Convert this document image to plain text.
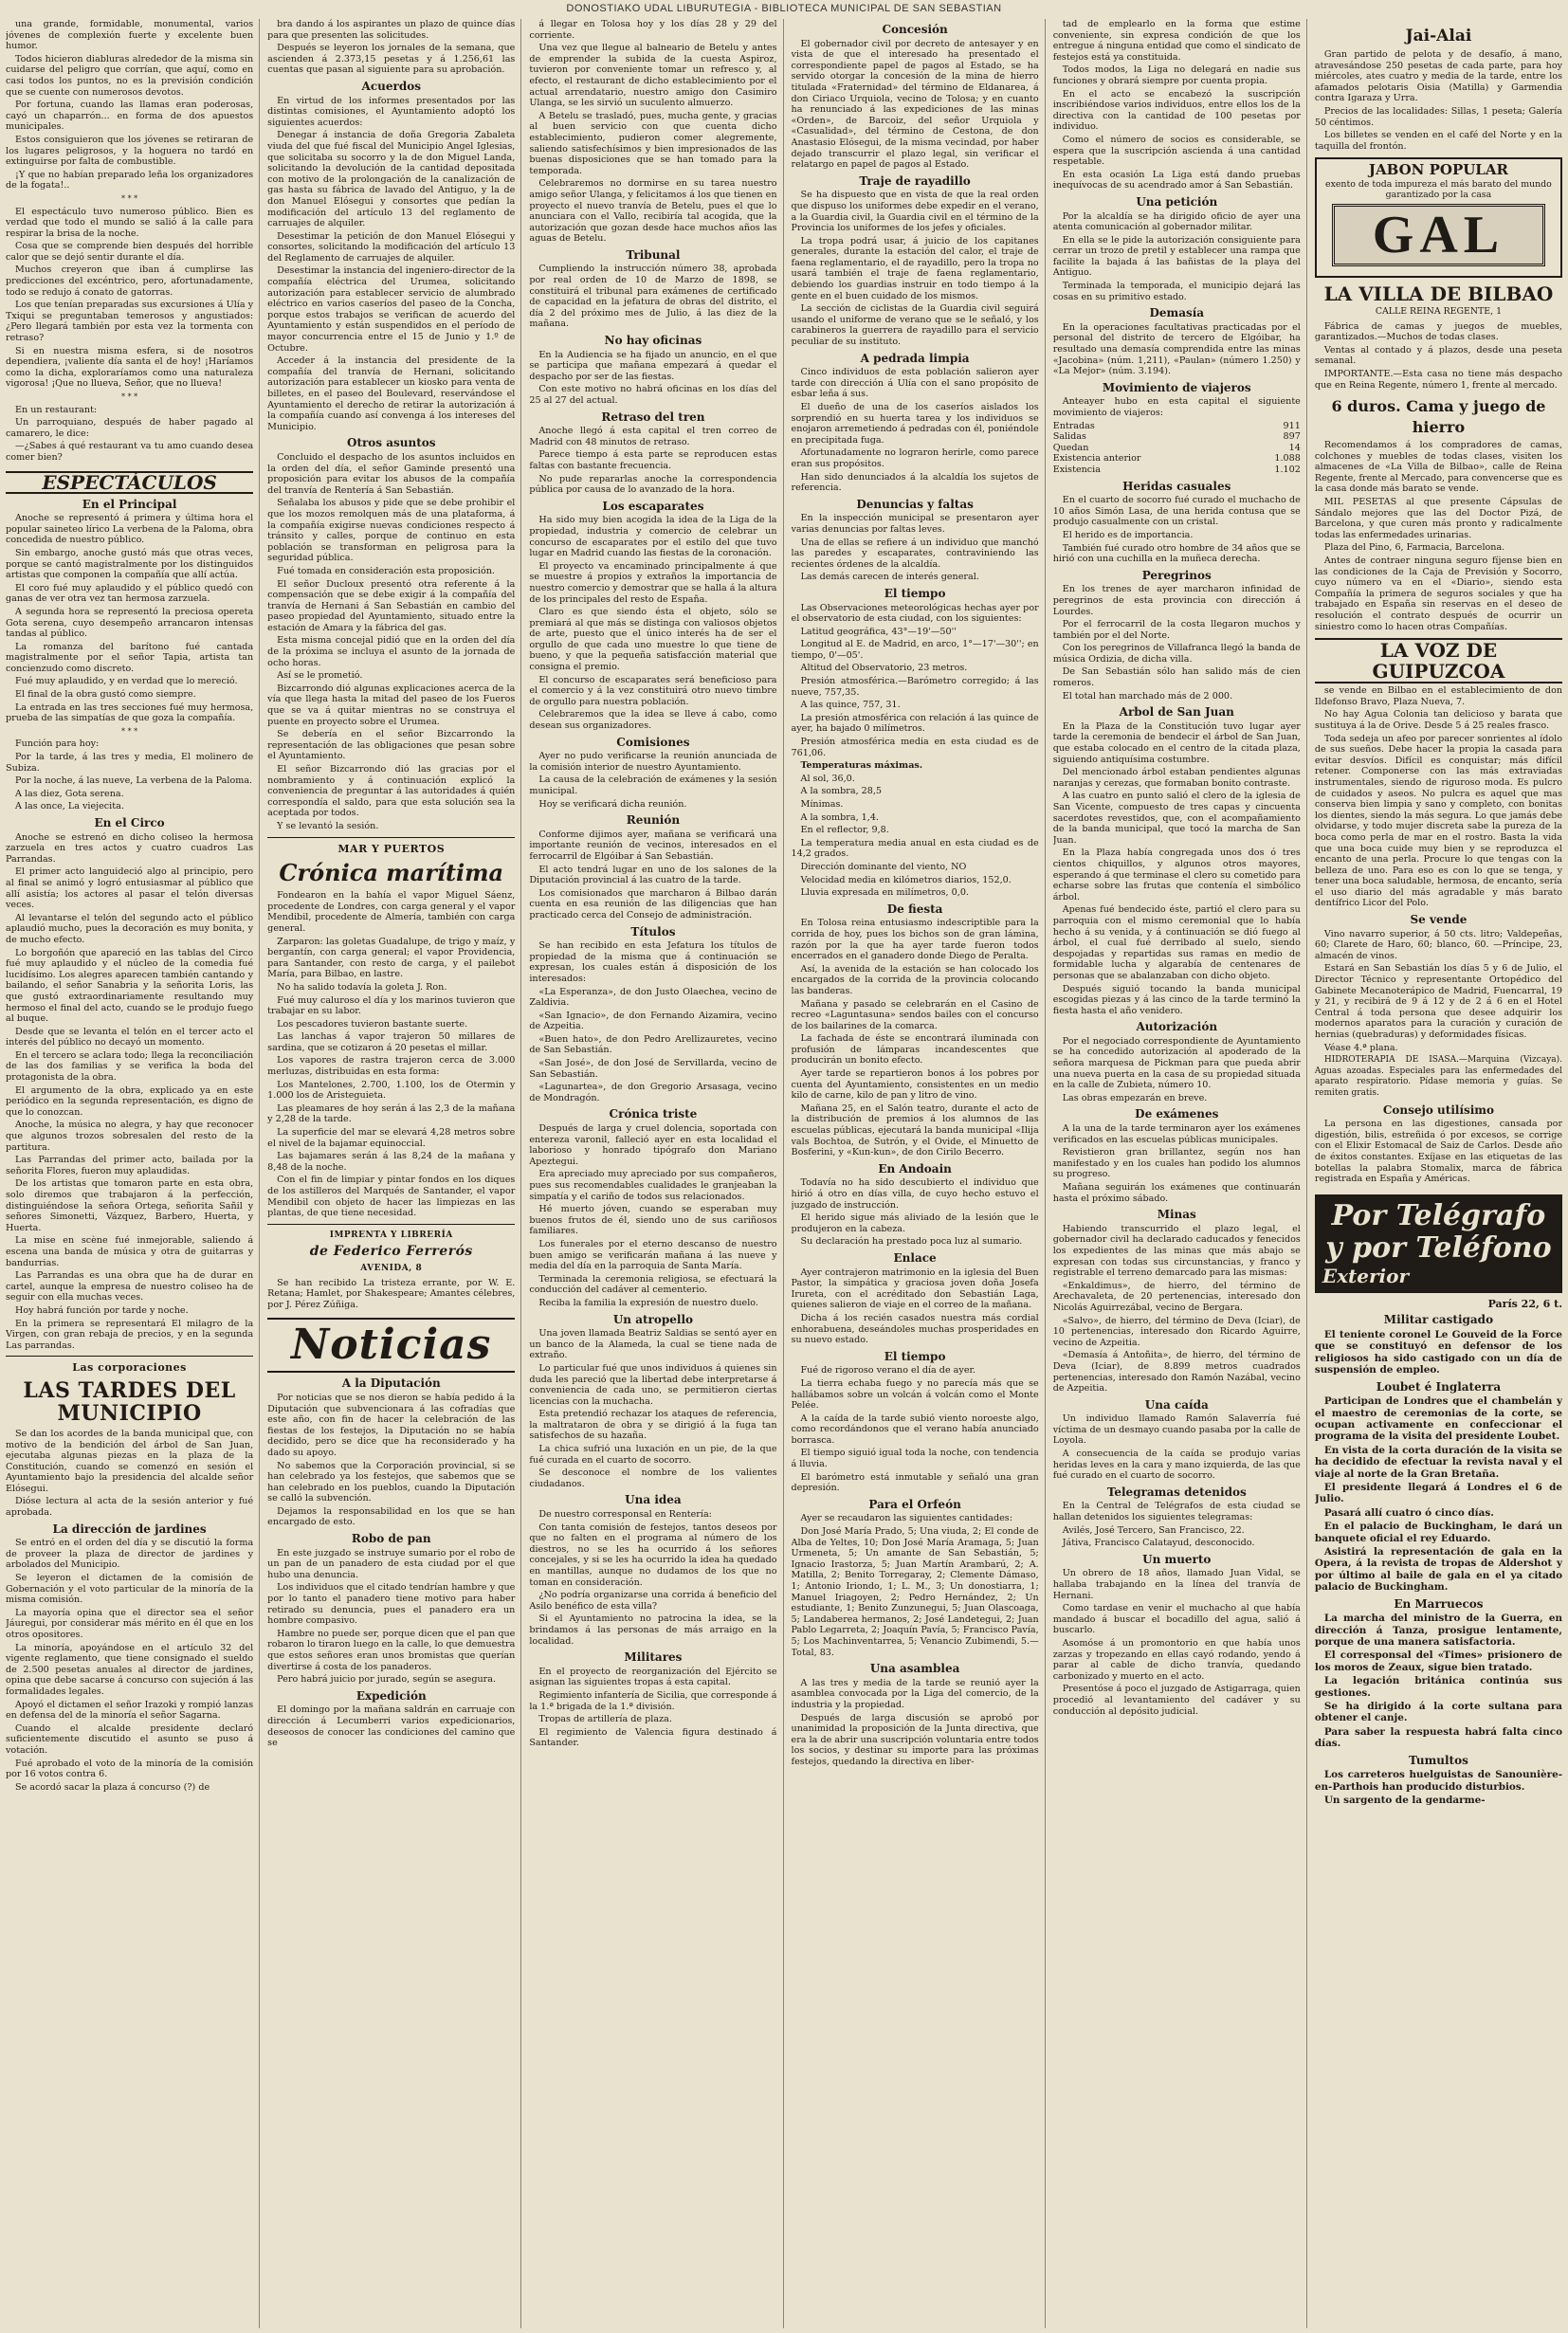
DONOSTIAKO UDAL LIBURUTEGIA - BIBLIOTECA MUNICIPAL DE SAN SEBASTIAN

una grande, formidable, monumental, varios jóvenes de complexión fuerte y excelente buen humor.

Todos hicieron diabluras alrededor de la misma sin cuidarse del peligro que corrían, que aquí, como en casi todos los puntos, no es la previsión condición que se cuente con numerosos devotos.

Por fortuna, cuando las llamas eran poderosas, cayó un chaparrón... en forma de dos apuestos municipales.

Estos consiguieron que los jóvenes se retiraran de los lugares peligrosos, y la hoguera no tardó en extinguirse por falta de combustible.

¡Y que no habían preparado leña los organizadores de la fogata!..

* * *

El espectáculo tuvo numeroso público. Bien es verdad que todo el mundo se salió á la calle para respirar la brisa de la noche.

Cosa que se comprende bien después del horrible calor que se dejó sentir durante el día.

Muchos creyeron que iban á cumplirse las predicciones del excéntrico, pero, afortunadamente, todo se redujo á conato de gatorras.

Los que tenían preparadas sus excursiones á Ulía y Txiqui se preguntaban temerosos y angustiados: ¿Pero llegará también por esta vez la tormenta con retraso?

Si en nuestra misma esfera, si de nosotros dependiera, ¡valiente día santa el de hoy! ¡Haríamos como la dicha, exploraríamos como una naturaleza vigorosa! ¡Que no llueva, Señor, que no llueva!

* * *

En un restaurant:

Un parroquiano, después de haber pagado al camarero, le dice:

—¿Sabes á qué restaurant va tu amo cuando desea comer bien?

ESPECTÁCULOS
En el Principal

Anoche se representó á primera y última hora el popular saineteo lírico La verbena de la Paloma, obra concedida de nuestro público.

Sin embargo, anoche gustó más que otras veces, porque se cantó magistralmente por los distinguidos artistas que componen la compañía que allí actúa.

El coro fué muy aplaudido y el público quedó con ganas de ver otra vez tan hermosa zarzuela.

A segunda hora se representó la preciosa opereta Gota serena, cuyo desempeño arrancaron intensas tandas al público.

La romanza del barítono fué cantada magistralmente por el señor Tapia, artista tan concienzudo como discreto.

Fué muy aplaudido, y en verdad que lo mereció.

El final de la obra gustó como siempre.

La entrada en las tres secciones fué muy hermosa, prueba de las simpatías de que goza la compañía.

* * *

Función para hoy:

Por la tarde, á las tres y media, El molinero de Subiza.

Por la noche, á las nueve, La verbena de la Paloma.

A las diez, Gota serena.

A las once, La viejecita.

En el Circo

Anoche se estrenó en dicho coliseo la hermosa zarzuela en tres actos y cuatro cuadros Las Parrandas.

El primer acto languideció algo al principio, pero al final se animó y logró entusiasmar al público que allí asistía; los actores al pasar el telón diversas veces.

Al levantarse el telón del segundo acto el público aplaudió mucho, pues la decoración es muy bonita, y de mucho efecto.

Lo borgoñón que apareció en las tablas del Circo fué muy aplaudido y el núcleo de la comedia fué lucidísimo. Los alegres aparecen también cantando y bailando, el señor Sanabria y la señorita Loris, las que gustó extraordinariamente resultando muy hermoso el final del acto, cuando se le produjo fuego al buque.

Desde que se levanta el telón en el tercer acto el interés del público no decayó un momento.

En el tercero se aclara todo; llega la reconciliación de las dos familias y se verifica la boda del protagonista de la obra.

El argumento de la obra, explicado ya en este periódico en la segunda representación, es digno de que lo conozcan.

Anoche, la música no alegra, y hay que reconocer que algunos trozos sobresalen del resto de la partitura.

Las Parrandas del primer acto, bailada por la señorita Flores, fueron muy aplaudidas.

De los artistas que tomaron parte en esta obra, solo diremos que trabajaron á la perfección, distinguiéndose la señora Ortega, señorita Sañil y señores Simonetti, Vázquez, Barbero, Huerta, y Huerta.

La mise en scène fué inmejorable, saliendo á escena una banda de música y otra de guitarras y bandurrias.

Las Parrandas es una obra que ha de durar en cartel, aunque la empresa de nuestro coliseo ha de seguir con ella muchas veces.

Hoy habrá función por tarde y noche.

En la primera se representará El milagro de la Virgen, con gran rebaja de precios, y en la segunda Las parrandas.

Las corporaciones
LAS TARDES DEL MUNICIPIO

Se dan los acordes de la banda municipal que, con motivo de la bendición del árbol de San Juan, ejecutaba algunas piezas en la plaza de la Constitución, cuando se comenzó en sesión el Ayuntamiento bajo la presidencia del alcalde señor Elósegui.

Dióse lectura al acta de la sesión anterior y fué aprobada.

La dirección de jardines

Se entró en el orden del día y se discutió la forma de proveer la plaza de director de jardines y arbolados del Municipio.

Se leyeron el dictamen de la comisión de Gobernación y el voto particular de la minoría de la misma comisión.

La mayoría opina que el director sea el señor Jáuregui, por considerar más mérito en él que en los otros opositores.

La minoría, apoyándose en el artículo 32 del vigente reglamento, que tiene consignado el sueldo de 2.500 pesetas anuales al director de jardines, opina que debe sacarse á concurso con sujeción á las formalidades legales.

Apoyó el dictamen el señor Irazoki y rompió lanzas en defensa del de la minoría el señor Sagarna.

Cuando el alcalde presidente declaró suficientemente discutido el asunto se puso á votación.

Fué aprobado el voto de la minoría de la comisión por 16 votos contra 6.

Se acordó sacar la plaza á concurso (?) de

bra dando á los aspirantes un plazo de quince días para que presenten las solicitudes.

Después se leyeron los jornales de la semana, que ascienden á 2.373,15 pesetas y á 1.256,61 las cuentas que pasan al siguiente para su aprobación.

Acuerdos

En virtud de los informes presentados por las distintas comisiones, el Ayuntamiento adoptó los siguientes acuerdos:

Denegar á instancia de doña Gregoria Zabaleta viuda del que fué fiscal del Municipio Angel Iglesias, que solicitaba su socorro y la de don Miguel Landa, solicitando la devolución de la cantidad depositada con motivo de la prolongación de la canalización de gas hasta su fábrica de lavado del Antiguo, y la de don Manuel Elósegui y consortes que pedían la modificación del artículo 13 del reglamento de carruajes de alquiler.

Desestimar la petición de don Manuel Elósegui y consortes, solicitando la modificación del artículo 13 del Reglamento de carruajes de alquiler.

Desestimar la instancia del ingeniero-director de la compañía eléctrica del Urumea, solicitando autorización para establecer servicio de alumbrado eléctrico en varios caseríos del paseo de la Concha, porque estos trabajos se verifican de acuerdo del Ayuntamiento y están suspendidos en el período de mayor concurrencia entre el 15 de Junio y 1.º de Octubre.

Acceder á la instancia del presidente de la compañía del tranvía de Hernani, solicitando autorización para establecer un kiosko para venta de billetes, en el paseo del Boulevard, reservándose el Ayuntamiento el derecho de retirar la autorización á la compañía cuando así convenga á los intereses del Municipio.

Otros asuntos

Concluido el despacho de los asuntos incluidos en la orden del día, el señor Gaminde presentó una proposición para evitar los abusos de la compañía del tranvía de Rentería á San Sebastián.

Señalaba los abusos y pide que se debe prohibir el que los mozos remolquen más de una plataforma, á la compañía exigirse nuevas condiciones respecto á tránsito y calles, porque de continuo en esta población se transforman en peligrosa para la seguridad pública.

Fué tomada en consideración esta proposición.

El señor Ducloux presentó otra referente á la compensación que se debe exigir á la compañía del tranvía de Hernani á San Sebastián en cambio del paseo propiedad del Ayuntamiento, situado entre la estación de Amara y la fábrica del gas.

Esta misma concejal pidió que en la orden del día de la próxima se incluya el asunto de la jornada de ocho horas.

Así se le prometió.

Bizcarrondo dió algunas explicaciones acerca de la vía que llega hasta la mitad del paseo de los Fueros que se va á quitar mientras no se construya el puente en proyecto sobre el Urumea.

Se debería en el señor Bizcarrondo la representación de las obligaciones que pesan sobre el Ayuntamiento.

El señor Bizcarrondo dió las gracias por el nombramiento y á continuación explicó la conveniencia de preguntar á las autoridades á quién correspondía el saldo, para que esta solución sea la aceptada por todos.

Y se levantó la sesión.

MAR Y PUERTOS
Crónica marítima

Fondearon en la bahía el vapor Miguel Sáenz, procedente de Londres, con carga general y el vapor Mendibil, procedente de Almería, también con carga general.

Zarparon: las goletas Guadalupe, de trigo y maíz, y bergantín, con carga general; el vapor Providencia, para Santander, con resto de carga, y el pailebot María, para Bilbao, en lastre.

No ha salido todavía la goleta J. Ron.

Fué muy caluroso el día y los marinos tuvieron que trabajar en su labor.

Los pescadores tuvieron bastante suerte.

Las lanchas á vapor trajeron 50 millares de sardina, que se cotizaron á 20 pesetas el millar.

Los vapores de rastra trajeron cerca de 3.000 merluzas, distribuidas en esta forma:

Los Mantelones, 2.700, 1.100, los de Otermin y 1.000 los de Aristeguieta.

Las pleamares de hoy serán á las 2,3 de la mañana y 2,28 de la tarde.

La superficie del mar se elevará 4,28 metros sobre el nivel de la bajamar equinoccial.

Las bajamares serán á las 8,24 de la mañana y 8,48 de la noche.

Con el fin de limpiar y pintar fondos en los diques de los astilleros del Marqués de Santander, el vapor Mendibil con objeto de hacer las limpiezas en las plantas, de que tiene necesidad.

IMPRENTA Y LIBRERÍA
de Federico Ferrerós
AVENIDA, 8

Se han recibido La tristeza errante, por W. E. Retana; Hamlet, por Shakespeare; Amantes célebres, por J. Pérez Zúñiga.

Noticias
A la Diputación

Por noticias que se nos dieron se había pedido á la Diputación que subvencionara á las cofradías que este año, con fin de hacer la celebración de las fiestas de los festejos, la Diputación no se había decidido, pero se dice que ha reconsiderado y ha dado su apoyo.

No sabemos que la Corporación provincial, si se han celebrado ya los festejos, que sabemos que se han celebrado en los pueblos, cuando la Diputación se calló la subvención.

Dejamos la responsabilidad en los que se han encargado de esto.

Robo de pan

En este juzgado se instruye sumario por el robo de un pan de un panadero de esta ciudad por el que hubo una denuncia.

Los individuos que el citado tendrían hambre y que por lo tanto el panadero tiene motivo para haber retirado su denuncia, pues el panadero era un hombre compasivo.

Hambre no puede ser, porque dicen que el pan que robaron lo tiraron luego en la calle, lo que demuestra que estos señores eran unos bromistas que querían divertirse á costa de los panaderos.

Pero habrá juicio por jurado, según se asegura.

Expedición

El domingo por la mañana saldrán en carruaje con dirección á Lecumberri varios expedicionarios, deseosos de conocer las condiciones del camino que se

á llegar en Tolosa hoy y los días 28 y 29 del corriente.

Una vez que llegue al balneario de Betelu y antes de emprender la subida de la cuesta Aspiroz, tuvieron por conveniente tomar un refresco y, al efecto, el restaurant de dicho establecimiento por el actual arrendatario, nuestro amigo don Casimiro Ulanga, se les sirvió un suculento almuerzo.

A Betelu se trasladó, pues, mucha gente, y gracias al buen servicio con que cuenta dicho establecimiento, pudieron comer alegremente, saliendo satisfechísimos y bien impresionados de las buenas disposiciones que se han tomado para la temporada.

Celebraremos no dormirse en su tarea nuestro amigo señor Ulanga, y felicitamos á los que tienen en proyecto el nuevo tranvía de Betelu, pues el que lo anunciara con el Vallo, recibiría tal acogida, que la autorización que gozan desde hace muchos años las aguas de Betelu.

Tribunal

Cumpliendo la instrucción número 38, aprobada por real orden de 10 de Marzo de 1898, se constituirá el tribunal para exámenes de certificado de capacidad en la jefatura de obras del distrito, el día 2 del próximo mes de Julio, á las diez de la mañana.

No hay oficinas

En la Audiencia se ha fijado un anuncio, en el que se participa que mañana empezará á quedar el despacho por ser de las fiestas.

Con este motivo no habrá oficinas en los días del 25 al 27 del actual.

Retraso del tren

Anoche llegó á esta capital el tren correo de Madrid con 48 minutos de retraso.

Parece tiempo á esta parte se reproducen estas faltas con bastante frecuencia.

No pude repararlas anoche la correspondencia pública por causa de lo avanzado de la hora.

Los escaparates

Ha sido muy bien acogida la idea de la Liga de la propiedad, industria y comercio de celebrar un concurso de escaparates por el estilo del que tuvo lugar en Madrid cuando las fiestas de la coronación.

El proyecto va encaminado principalmente á que se muestre á propios y extraños la importancia de nuestro comercio y demostrar que se halla á la altura de los principales del resto de España.

Claro es que siendo ésta el objeto, sólo se premiará al que más se distinga con valiosos objetos de arte, puesto que el único interés ha de ser el orgullo de que cada uno muestre lo que tiene de bueno, y que la pequeña satisfacción material que consigna el premio.

El concurso de escaparates será beneficioso para el comercio y á la vez constituirá otro nuevo timbre de orgullo para nuestra población.

Celebraremos que la idea se lleve á cabo, como desean sus organizadores.

Comisiones

Ayer no pudo verificarse la reunión anunciada de la comisión interior de nuestro Ayuntamiento.

La causa de la celebración de exámenes y la sesión municipal.

Hoy se verificará dicha reunión.

Reunión

Conforme dijimos ayer, mañana se verificará una importante reunión de vecinos, interesados en el ferrocarril de Elgóibar á San Sebastián.

El acto tendrá lugar en uno de los salones de la Diputación provincial á las cuatro de la tarde.

Los comisionados que marcharon á Bilbao darán cuenta en esa reunión de las diligencias que han practicado cerca del Consejo de administración.

Títulos

Se han recibido en esta Jefatura los títulos de propiedad de la misma que á continuación se expresan, los cuales están á disposición de los interesados:

«La Esperanza», de don Justo Olaechea, vecino de Zaldivia.

«San Ignacio», de don Fernando Aizamira, vecino de Azpeitia.

«Buen hato», de don Pedro Arellizauretes, vecino de San Sebastián.

«San José», de don José de Servillarda, vecino de San Sebastián.

«Lagunartea», de don Gregorio Arsasaga, vecino de Mondragón.

Crónica triste

Después de larga y cruel dolencia, soportada con entereza varonil, falleció ayer en esta localidad el laborioso y honrado tipógrafo don Mariano Apeztegui.

Era apreciado muy apreciado por sus compañeros, pues sus recomendables cualidades le granjeaban la simpatía y el cariño de todos sus relacionados.

Hé muerto jóven, cuando se esperaban muy buenos frutos de él, siendo uno de sus cariñosos familiares.

Los funerales por el eterno descanso de nuestro buen amigo se verificarán mañana á las nueve y media del día en la parroquia de Santa María.

Terminada la ceremonia religiosa, se efectuará la conducción del cadáver al cementerio.

Reciba la familia la expresión de nuestro duelo.

Un atropello

Una joven llamada Beatriz Saldias se sentó ayer en un banco de la Alameda, la cual se tiene nada de extraño.

Lo particular fué que unos individuos á quienes sin duda les pareció que la libertad debe interpretarse á conveniencia de cada uno, se permitieron ciertas licencias con la muchacha.

Esta pretendió rechazar los ataques de referencia, la maltrataron de obra y se dirigió á la fuga tan satisfechos de su hazaña.

La chica sufrió una luxación en un pie, de la que fué curada en el cuarto de socorro.

Se desconoce el nombre de los valientes ciudadanos.

Una idea

De nuestro corresponsal en Rentería:

Con tanta comisión de festejos, tantos deseos por que no falten en el programa al número de los diestros, no se les ha ocurrido á los señores concejales, y si se les ha ocurrido la idea ha quedado en mantillas, aunque no dudamos de los que no toman en consideración.

¿No podría organizarse una corrida á beneficio del Asilo benéfico de esta villa?

Si el Ayuntamiento no patrocina la idea, se la brindamos á las personas de más arraigo en la localidad.

Militares

En el proyecto de reorganización del Ejército se asignan las siguientes tropas á esta capital.

Regimiento infantería de Sicilia, que corresponde á la 1.ª brigada de la 1.ª división.

Tropas de artillería de plaza.

El regimiento de Valencia figura destinado á Santander.

Concesión

El gobernador civil por decreto de antesayer y en vista de que el interesado ha presentado el correspondiente papel de pagos al Estado, se ha servido otorgar la concesión de la mina de hierro titulada «Fraternidad» del término de Eldanarea, á don Ciriaco Urquiola, vecino de Tolosa; y en cuanto ha renunciado á las expediciones de las minas «Orden», de Barcoiz, del señor Urquiola y «Casualidad», del término de Cestona, de don Anastasio Elósegui, de la misma vecindad, por haber dejado transcurrir el plazo legal, sin verificar el relatargo en papel de pagos al Estado.

Traje de rayadillo

Se ha dispuesto que en vista de que la real orden que dispuso los uniformes debe expedir en el verano, a la Guardia civil, la Guardia civil en el término de la Provincia los uniformes de los jefes y oficiales.

La tropa podrá usar, á juicio de los capitanes generales, durante la estación del calor, el traje de faena reglamentario, el de rayadillo, pero la tropa no usará también el traje de faena reglamentario, debiendo los guardias instruir en todo tiempo á la gente en el buen cuidado de los mismos.

La sección de ciclistas de la Guardia civil seguirá usando el uniforme de verano que se le señaló, y los carabineros la guerrera de rayadillo para el servicio peculiar de su instituto.

A pedrada limpia

Cinco individuos de esta población salieron ayer tarde con dirección á Ulía con el sano propósito de esbar leña á sus.

El dueño de una de los caseríos aislados los sorprendió en su huerta tarea y los individuos se enojaron arremetiendo á pedradas con él, poniéndole en precipitada fuga.

Afortunadamente no lograron herirle, como parece eran sus propósitos.

Han sido denunciados á la alcaldía los sujetos de referencia.

Denuncias y faltas

En la inspección municipal se presentaron ayer varias denuncias por faltas leves.

Una de ellas se refiere á un individuo que manchó las paredes y escaparates, contraviniendo las recientes órdenes de la alcaldía.

Las demás carecen de interés general.

El tiempo

Las Observaciones meteorológicas hechas ayer por el observatorio de esta ciudad, con los siguientes:

Latitud geográfica, 43°—19'—50''

Longitud al E. de Madrid, en arco, 1°—17'—30''; en tiempo, 0'—05'.

Altitud del Observatorio, 23 metros.

Presión atmosférica.—Barómetro corregido; á las nueve, 757,35.

A las quince, 757, 31.

La presión atmosférica con relación á las quince de ayer, ha bajado 0 milímetros.

Presión atmosférica media en esta ciudad es de 761,06.

Temperaturas máximas.

Al sol, 36,0.

A la sombra, 28,5

Mínimas.

A la sombra, 1,4.

En el reflector, 9,8.

La temperatura media anual en esta ciudad es de 14,2 grados.

Dirección dominante del viento, NO

Velocidad media en kilómetros diarios, 152,0.

Lluvia expresada en milímetros, 0,0.

De fiesta

En Tolosa reina entusiasmo indescriptible para la corrida de hoy, pues los bichos son de gran lámina, razón por la que ha ayer tarde fueron todos encerrados en el ganadero donde Diego de Peralta.

Así, la avenida de la estación se han colocado los encargados de la corrida de la provincia colocando las banderas.

Mañana y pasado se celebrarán en el Casino de recreo «Laguntasuna» sendos bailes con el concurso de los bailarines de la comarca.

La fachada de éste se encontrará iluminada con profusión de lámparas incandescentes que producirán un bonito efecto.

Ayer tarde se repartieron bonos á los pobres por cuenta del Ayuntamiento, consistentes en un medio kilo de carne, kilo de pan y litro de vino.

Mañana 25, en el Salón teatro, durante el acto de la distribución de premios á los alumnos de las escuelas públicas, ejecutará la banda municipal «Ilija vals Bochtoa, de Sutrón, y el Ovide, el Minuetto de Bosferini, y «Kun-kun», de don Cirilo Becerro.

En Andoain

Todavía no ha sido descubierto el individuo que hirió á otro en días villa, de cuyo hecho estuvo el juzgado de instrucción.

El herido sigue más aliviado de la lesión que le produjeron en la cabeza.

Su declaración ha prestado poca luz al sumario.

Enlace

Ayer contrajeron matrimonio en la iglesia del Buen Pastor, la simpática y graciosa joven doña Josefa Irureta, con el acréditado don Sebastián Laga, quienes salieron de viaje en el correo de la mañana.

Dicha á los recién casados nuestra más cordial enhorabuena, deseándoles muchas prosperidades en su nuevo estado.

El tiempo

Fué de rigoroso verano el día de ayer.

La tierra echaba fuego y no parecía más que se hallábamos sobre un volcán á volcán como el Monte Pelée.

A la caída de la tarde subió viento noroeste algo, como recordándonos que el verano había anunciado borrasca.

El tiempo siguió igual toda la noche, con tendencia á lluvia.

El barómetro está inmutable y señaló una gran depresión.

Para el Orfeón

Ayer se recaudaron las siguientes cantidades:

Don José María Prado, 5; Una viuda, 2; El conde de Alba de Yeltes, 10; Don José María Aramaga, 5; Juan Urmeneta, 5; Un amante de San Sebastián, 5; Ignacio Irastorza, 5; Juan Martín Arambarú, 2; A. Matilla, 2; Benito Torregaray, 2; Clemente Dámaso, 1; Antonio Iriondo, 1; L. M., 3; Un donostiarra, 1; Manuel Iriagoyen, 2; Pedro Hernández, 2; Un estudiante, 1; Benito Zunzunegui, 5; Juan Olascoaga, 5; Landaberea hermanos, 2; José Landetegui, 2; Juan Pablo Legarreta, 2; Joaquín Pavía, 5; Francisco Pavía, 5; Los Machinventarrea, 5; Venancio Zubimendi, 5.—Total, 83.

Una asamblea

A las tres y media de la tarde se reunió ayer la asamblea convocada por la Liga del comercio, de la industria y la propiedad.

Después de larga discusión se aprobó por unanimidad la proposición de la Junta directiva, que era la de abrir una suscripción voluntaria entre todos los socios, y destinar su importe para las próximas festejos, quedando la directiva en liber-

tad de emplearlo en la forma que estime conveniente, sin expresa condición de que los entregue á ninguna entidad que como el sindicato de festejos está ya constituida.

Todos modos, la Liga no delegará en nadie sus funciones y obrará siempre por cuenta propia.

En el acto se encabezó la suscripción inscribiéndose varios individuos, entre ellos los de la directiva con la cantidad de 100 pesetas por individuo.

Como el número de socios es considerable, se espera que la suscripción ascienda á una cantidad respetable.

En esta ocasión La Liga está dando pruebas inequívocas de su acendrado amor á San Sebastián.

Una petición

Por la alcaldía se ha dirigido oficio de ayer una atenta comunicación al gobernador militar.

En ella se le pide la autorización consiguiente para cerrar un trozo de pretil y establecer una rampa que facilite la bajada á las bañistas de la playa del Antiguo.

Terminada la temporada, el municipio dejará las cosas en su primitivo estado.

Demasía

En la operaciones facultativas practicadas por el personal del distrito de tercero de Elgóibar, ha resultado una demasía comprendida entre las minas «Jacobina» (núm. 1,211), «Paulan» (número 1.250) y «La Mejor» (núm. 3.194).

Movimiento de viajeros

Anteayer hubo en esta capital el siguiente movimiento de viajeros:

Entradas	911
Salidas	897
Quedan	14
Existencia anterior	1.088
Existencia	1.102
Heridas casuales

En el cuarto de socorro fué curado el muchacho de 10 años Simón Lasa, de una herida contusa que se produjo casualmente con un cristal.

El herido es de importancia.

También fué curado otro hombre de 34 años que se hirió con una cuchilla en la muñeca derecha.

Peregrinos

En los trenes de ayer marcharon infinidad de peregrinos de esta provincia con dirección á Lourdes.

Por el ferrocarril de la costa llegaron muchos y también por el del Norte.

Con los peregrinos de Villafranca llegó la banda de música Ordizia, de dicha villa.

De San Sebastián sólo han salido más de cien romeros.

El total han marchado más de 2 000.

Arbol de San Juan

En la Plaza de la Constitución tuvo lugar ayer tarde la ceremonia de bendecir el árbol de San Juan, que estaba colocado en el centro de la citada plaza, siguiendo antiquísima costumbre.

Del mencionado árbol estaban pendientes algunas naranjas y cerezas, que formaban bonito contraste.

A las cuatro en punto salió el clero de la iglesia de San Vicente, compuesto de tres capas y cincuenta sacerdotes revestidos, que, con el acompañamiento de la banda municipal, que tocó la marcha de San Juan.

En la Plaza había congregada unos dos ó tres cientos chiquillos, y algunos otros mayores, esperando á que terminase el clero su cometido para echarse sobre las frutas que contenía el simbólico árbol.

Apenas fué bendecido éste, partió el clero para su parroquia con el mismo ceremonial que lo había hecho á su venida, y á continuación se dió fuego al árbol, el cual fué derribado al suelo, siendo despojadas y repartidas sus ramas en medio de formidable lucha y algarabía de centenares de personas que se abalanzaban con dicho objeto.

Después siguió tocando la banda municipal escogidas piezas y á las cinco de la tarde terminó la fiesta hasta el año venidero.

Autorización

Por el negociado correspondiente de Ayuntamiento se ha concedido autorización al apoderado de la señora marquesa de Pickman para que pueda abrir una nueva puerta en la casa de su propiedad situada en la calle de Zubieta, número 10.

Las obras empezarán en breve.

De exámenes

A la una de la tarde terminaron ayer los exámenes verificados en las escuelas públicas municipales.

Revistieron gran brillantez, según nos han manifestado y en los cuales han podido los alumnos su progreso.

Mañana seguirán los exámenes que continuarán hasta el próximo sábado.

Minas

Habiendo transcurrido el plazo legal, el gobernador civil ha declarado caducados y fenecidos los expedientes de las minas que más abajo se expresan con todas sus circunstancias, y franco y registrable el terreno demarcado para las mismas:

«Enkaldimus», de hierro, del término de Arechavaleta, de 20 pertenencias, interesado don Nicolás Aguirrezábal, vecino de Bergara.

«Salvo», de hierro, del término de Deva (Iciar), de 10 pertenencias, interesado don Ricardo Aguirre, vecino de Azpeitia.

«Demasía á Antoñita», de hierro, del término de Deva (Iciar), de 8.899 metros cuadrados pertenencias, interesado don Ramón Nazábal, vecino de Azpeitia.

Una caída

Un individuo llamado Ramón Salaverría fué víctima de un desmayo cuando pasaba por la calle de Loyola.

A consecuencia de la caída se produjo varias heridas leves en la cara y mano izquierda, de las que fué curado en el cuarto de socorro.

Telegramas detenidos

En la Central de Telégrafos de esta ciudad se hallan detenidos los siguientes telegramas:

Avilés, José Tercero, San Francisco, 22.

Játiva, Francisco Calatayud, desconocido.

Un muerto

Un obrero de 18 años, llamado Juan Vidal, se hallaba trabajando en la línea del tranvía de Hernani.

Como tardase en venir el muchacho al que había mandado á buscar el bocadillo del agua, salió á buscarlo.

Asomóse á un promontorio en que había unos zarzas y tropezando en ellas cayó rodando, yendo á parar al cable de dicho tranvía, quedando carbonizado y muerto en el acto.

Presentóse á poco el juzgado de Astigarraga, quien procedió al levantamiento del cadáver y su conducción al depósito judicial.

Jai-Alai

Gran partido de pelota y de desafío, á mano, atravesándose 250 pesetas de cada parte, para hoy miércoles, ates cuatro y media de la tarde, entre los afamados pelotaris Oisia (Matilla) y Garmendia contra Igaraza y Urra.

Precios de las localidades: Sillas, 1 peseta; Galería 50 céntimos.

Los billetes se venden en el café del Norte y en la taquilla del frontón.

JABON POPULAR
exento de toda impureza el más barato del mundo garantizado por la casa
GAL
LA VILLA DE BILBAO
CALLE REINA REGENTE, 1

Fábrica de camas y juegos de muebles, garantizados.—Muchos de todas clases.

Ventas al contado y á plazos, desde una peseta semanal.

IMPORTANTE.—Esta casa no tiene más despacho que en Reina Regente, número 1, frente al mercado.

6 duros. Cama y juego de hierro

Recomendamos á los compradores de camas, colchones y muebles de todas clases, visiten los almacenes de «La Villa de Bilbao», calle de Reina Regente, frente al Mercado, para convencerse que es la casa donde más barato se vende.

MIL PESETAS al que presente Cápsulas de Sándalo mejores que las del Doctor Pizá, de Barcelona, y que curen más pronto y radicalmente todas las enfermedades urinarias.

Plaza del Pino, 6, Farmacia, Barcelona.

Antes de contraer ninguna seguro fíjense bien en las condiciones de la Caja de Previsión y Socorro, cuyo número va en el «Diario», siendo esta Compañía la primera de seguros sociales y que ha trabajado en España sin reservas en el deseo de resolución el contrato después de ocurrir un siniestro como lo hacen otras Compañías.

LA VOZ DE GUIPUZCOA

se vende en Bilbao en el establecimiento de don Ildefonso Bravo, Plaza Nueva, 7.

No hay Agua Colonia tan delicioso y barata que sustituya á la de Orive. Desde 5 á 25 reales frasco.

Toda sedeja un afeo por parecer sonrientes al ídolo de sus sueños. Debe hacer la propia la casada para evitar desvíos. Difícil es conquistar; más difícil retener. Componerse con las más extraviadas instrumentales, siendo de riguroso moda. Es pulcro de cuidados y aseos. No pulcra es aquel que mas conserva bien limpia y sano y completo, con bonitas los dientes, siendo la más segura. Lo que jamás debe olvidarse, y todo mujer discreta sabe la pureza de la boca como perla de mar en el rostro. Basta la vida que una boca cuide muy bien y se reproduzca el encanto de una perla. Procure lo que tengas con la belleza de uno. Para eso es con lo que se tenga, y tener una boca saludable, hermosa, de encanto, sería el uso diario del más agradable y más barato dentífrico Licor del Polo.

Se vende

Vino navarro superior, á 50 cts. litro; Valdepeñas, 60; Clarete de Haro, 60; blanco, 60. —Príncipe, 23, almacén de vinos.

Estará en San Sebastián los días 5 y 6 de Julio, el Director Técnico y representante Ortopédico del Gabinete Mecanoterápico de Madrid, Fuencarral, 19 y 21, y recibirá de 9 á 12 y de 2 á 6 en el Hotel Central á toda persona que desee adquirir los modernos aparatos para la curación y curación de hernias (quebraduras) y deformidades físicas.

Véase 4.ª plana.

HIDROTERAPIA DE ISASA.—Marquina (Vizcaya). Aguas azoadas. Especiales para las enfermedades del aparato respiratorio. Pídase memoria y guías. Se remiten gratis.

Consejo utilísimo

La persona en las digestiones, cansada por digestión, bilis, estreñida ó por excesos, se corrige con el Elixir Estomacal de Saiz de Carlos. Desde año de éxitos constantes. Exíjase en las etiquetas de las botellas la palabra Stomalix, marca de fábrica registrada en España y Américas.

Por Telégrafo
y por Teléfono
Exterior
París 22, 6 t.
Militar castigado

El teniente coronel Le Gouveid de la Force que se constituyó en defensor de los religiosos ha sido castigado con un día de suspensión de empleo.

Loubet é Inglaterra

Participan de Londres que el chambelán y el maestro de ceremonias de la corte, se ocupan activamente en confeccionar el programa de la visita del presidente Loubet.

En vista de la corta duración de la visita se ha decidido de efectuar la revista naval y el viaje al norte de la Gran Bretaña.

El presidente llegará á Londres el 6 de Julio.

Pasará allí cuatro ó cinco días.

En el palacio de Buckingham, le dará un banquete oficial el rey Eduardo.

Asistirá la representación de gala en la Opera, á la revista de tropas de Aldershot y por último al baile de gala en el ya citado palacio de Buckingham.

En Marruecos

La marcha del ministro de la Guerra, en dirección á Tanza, prosigue lentamente, porque de una manera satisfactoria.

El corresponsal del «Times» prisionero de los moros de Zeaux, sigue bien tratado.

La legación británica continúa sus gestiones.

Se ha dirigido á la corte sultana para obtener el canje.

Para saber la respuesta habrá falta cinco días.

Tumultos

Los carreteros huelguistas de Sanounière-en-Parthois han producido disturbios.

Un sargento de la gendarme-
